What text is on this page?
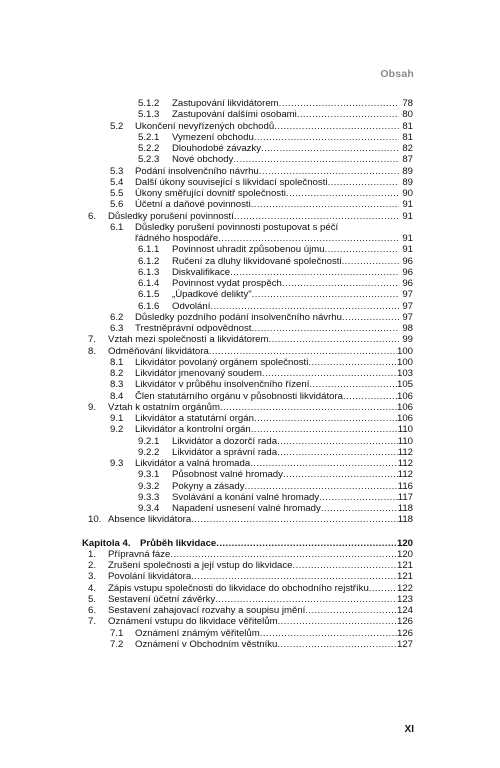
Obsah
5.1.2 Zastupování likvidátorem .....	78
5.1.3 Zastupování dalšími osobami .....	80
5.2 Ukončení nevyřízených obchodů .....	81
5.2.1 Vymezení obchodu .....	81
5.2.2 Dlouhodobé závazky .....	82
5.2.3 Nové obchody .....	87
5.3 Podání insolvenčního návrhu .....	89
5.4 Další úkony související s likvidací společnosti .....	89
5.5 Úkony směřující dovnitř společnosti .....	90
5.6 Účetní a daňové povinnosti .....	91
6. Důsledky porušení povinností .....	91
6.1 Důsledky porušení povinnosti postupovat s péčí
řádného hospodáře .....	91
6.1.1 Povinnost uhradit způsobenou újmu .....	91
6.1.2 Ručení za dluhy likvidované společnosti .....	96
6.1.3 Diskvalifikace .....	96
6.1.4 Povinnost vydat prospěch .....	96
6.1.5 „Úpadkové delikty" .....	97
6.1.6 Odvolání .....	97
6.2 Důsledky pozdního podání insolvenčního návrhu .....	97
6.3 Trestněprávní odpovědnost .....	98
7. Vztah mezi společností a likvidátorem .....	99
8. Odměňování likvidátora .....	100
8.1 Likvidátor povolaný orgánem společnosti .....	100
8.2 Likvidátor jmenovaný soudem .....	103
8.3 Likvidátor v průběhu insolvenčního řízení .....	105
8.4 Člen statutárního orgánu v působnosti likvidátora .....	106
9. Vztah k ostatním orgánům .....	106
9.1 Likvidátor a statutární orgán .....	106
9.2 Likvidátor a kontrolní orgán .....	110
9.2.1 Likvidátor a dozorčí rada .....	110
9.2.2 Likvidátor a správní rada .....	112
9.3 Likvidátor a valná hromada .....	112
9.3.1 Působnost valné hromady .....	112
9.3.2 Pokyny a zásady .....	116
9.3.3 Svolávání a konání valné hromady .....	117
9.3.4 Napadení usnesení valné hromady .....	118
10. Absence likvidátora .....	118
Kapitola 4. Průběh likvidace .....	120
1. Přípravná fáze .....	120
2. Zrušení společnosti a její vstup do likvidace .....	121
3. Povolání likvidátora .....	121
4. Zápis vstupu společnosti do likvidace do obchodního rejstříku .....	122
5. Sestavení účetní závěrky .....	123
6. Sestavení zahajovací rozvahy a soupisu jmění .....	124
7. Oznámení vstupu do likvidace věřitelům .....	126
7.1 Oznámení známým věřitelům .....	126
7.2 Oznámení v Obchodním věstníku .....	127
XI
